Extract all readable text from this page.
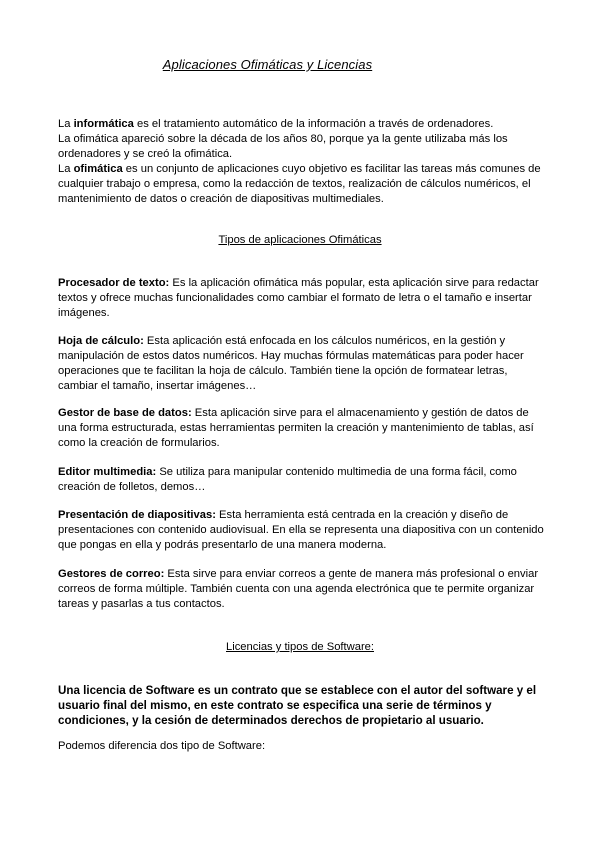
Aplicaciones Ofimáticas y Licencias

La informática es el tratamiento automático de la información a través de ordenadores.

La ofimática apareció sobre la década de los años 80, porque ya la gente utilizaba más los ordenadores y se creó la ofimática.

La ofimática es un conjunto de aplicaciones cuyo objetivo es facilitar las tareas más comunes de cualquier trabajo o empresa, como la redacción de textos, realización de cálculos numéricos, el mantenimiento de datos o creación de diapositivas multimediales.

Tipos de aplicaciones Ofimáticas
Procesador de texto: Es la aplicación ofimática más popular, esta aplicación sirve para redactar textos y ofrece muchas funcionalidades como cambiar el formato de letra o el tamaño e insertar imágenes.
Hoja de cálculo: Esta aplicación está enfocada en los cálculos numéricos, en la gestión y manipulación de estos datos numéricos. Hay muchas fórmulas matemáticas para poder hacer operaciones que te facilitan la hoja de cálculo. También tiene la opción de formatear letras, cambiar el tamaño, insertar imágenes…
Gestor de base de datos: Esta aplicación sirve para el almacenamiento y gestión de datos de una forma estructurada, estas herramientas permiten la creación y mantenimiento de tablas, así como la creación de formularios.
Editor multimedia: Se utiliza para manipular contenido multimedia de una forma fácil, como creación de folletos, demos…
Presentación de diapositivas: Esta herramienta está centrada en la creación y diseño de presentaciones con contenido audiovisual. En ella se representa una diapositiva con un contenido que pongas en ella y podrás presentarlo de una manera moderna.
Gestores de correo: Esta sirve para enviar correos a gente de manera más profesional o enviar correos de forma múltiple. También cuenta con una agenda electrónica que te permite organizar tareas y pasarlas a tus contactos.
Licencias y tipos de Software:
Una licencia de Software es un contrato que se establece con el autor del software y el usuario final del mismo, en este contrato se especifica una serie de términos y condiciones, y la cesión de determinados derechos de propietario al usuario.
Podemos diferencia dos tipo de Software:
